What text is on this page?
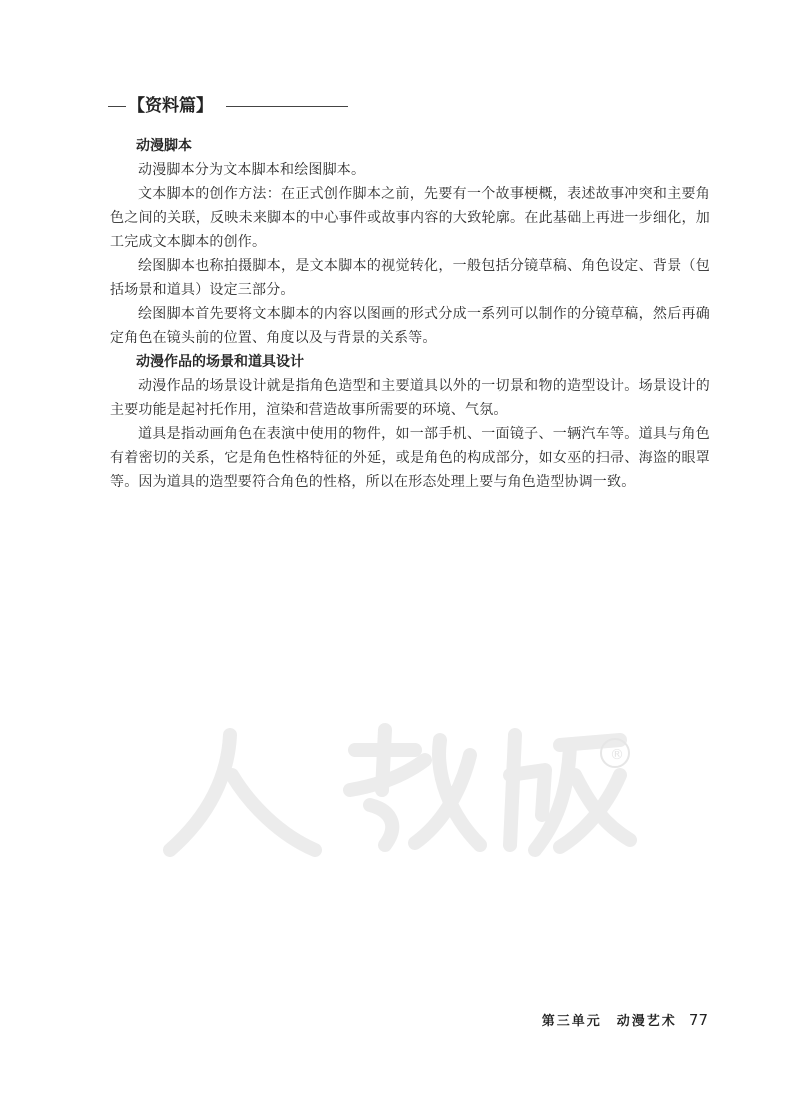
【资料篇】
动漫脚本

动漫脚本分为文本脚本和绘图脚本。

文本脚本的创作方法：在正式创作脚本之前，先要有一个故事梗概，表述故事冲突和主要角色之间的关联，反映未来脚本的中心事件或故事内容的大致轮廓。在此基础上再进一步细化，加工完成文本脚本的创作。

绘图脚本也称拍摄脚本，是文本脚本的视觉转化，一般包括分镜草稿、角色设定、背景（包括场景和道具）设定三部分。

绘图脚本首先要将文本脚本的内容以图画的形式分成一系列可以制作的分镜草稿，然后再确定角色在镜头前的位置、角度以及与背景的关系等。

动漫作品的场景和道具设计

动漫作品的场景设计就是指角色造型和主要道具以外的一切景和物的造型设计。场景设计的主要功能是起衬托作用，渲染和营造故事所需要的环境、气氛。

道具是指动画角色在表演中使用的物件，如一部手机、一面镜子、一辆汽车等。道具与角色有着密切的关系，它是角色性格特征的外延，或是角色的构成部分，如女巫的扫帚、海盗的眼罩等。因为道具的造型要符合角色的性格，所以在形态处理上要与角色造型协调一致。

®
人教版
第三单元　动漫艺术 77
